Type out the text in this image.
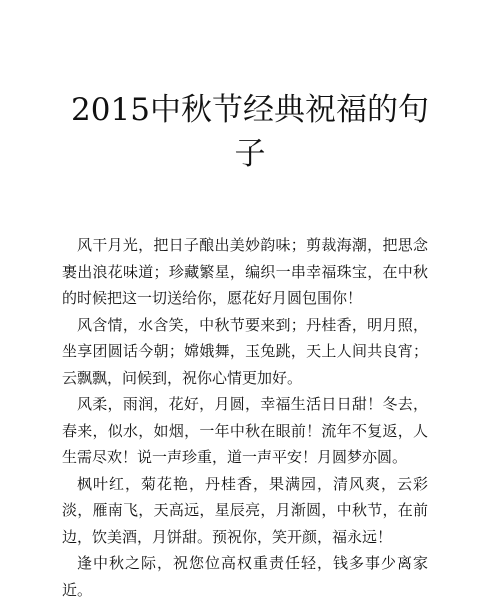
2015中秋节经典祝福的句子

风干月光，把日子酿出美妙韵味；剪裁海潮，把思念裹出浪花味道；珍藏繁星，编织一串幸福珠宝，在中秋的时候把这一切送给你，愿花好月圆包围你！

风含情，水含笑，中秋节要来到；丹桂香，明月照，坐享团圆话今朝；嫦娥舞，玉兔跳，天上人间共良宵；云飘飘，问候到，祝你心情更加好。

风柔，雨润，花好，月圆，幸福生活日日甜！冬去，春来，似水，如烟，一年中秋在眼前！流年不复返，人生需尽欢！说一声珍重，道一声平安！月圆梦亦圆。

枫叶红，菊花艳，丹桂香，果满园，清风爽，云彩淡，雁南飞，天高远，星辰亮，月渐圆，中秋节，在前边，饮美酒，月饼甜。预祝你，笑开颜，福永远！

逢中秋之际，祝您位高权重责任轻，钱多事少离家近。
